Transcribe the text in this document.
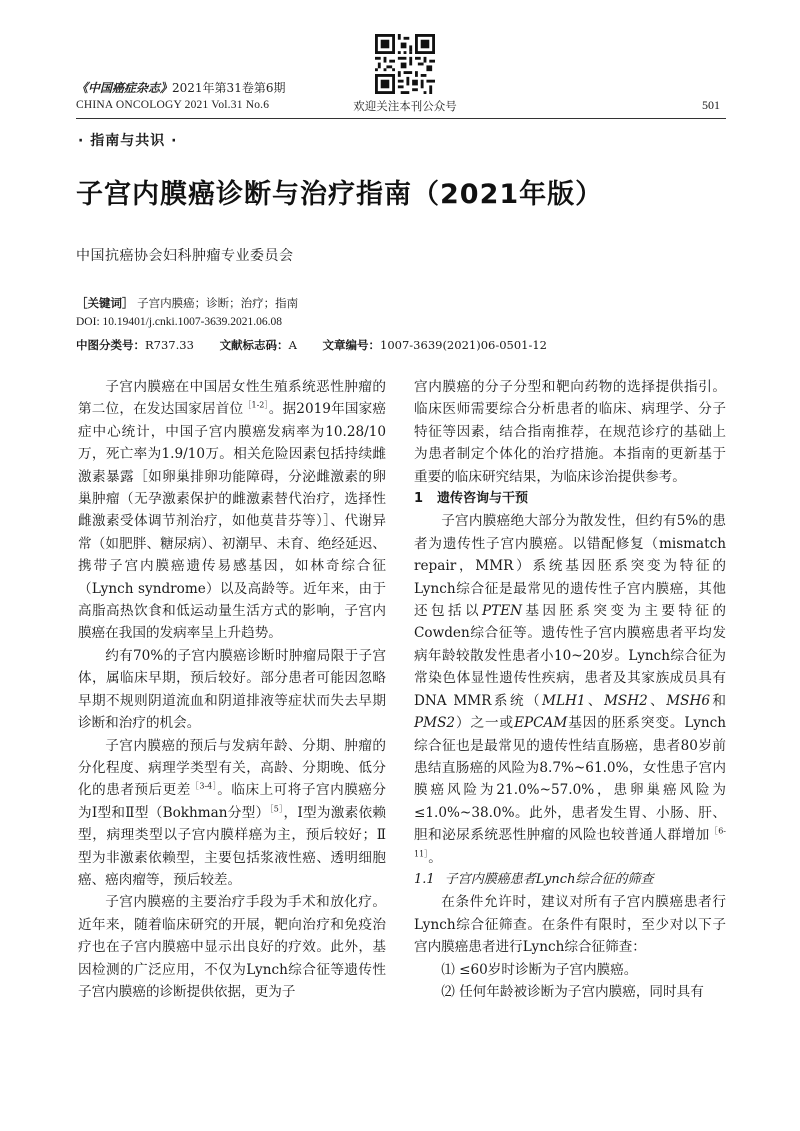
《中国癌症杂志》2021年第31卷第6期
CHINA ONCOLOGY 2021 Vol.31 No.6	欢迎关注本刊公众号	501
· 指南与共识 ·
子宫内膜癌诊断与治疗指南（2021年版）
中国抗癌协会妇科肿瘤专业委员会
［关键词］ 子宫内膜癌；诊断；治疗；指南
DOI: 10.19401/j.cnki.1007-3639.2021.06.08
中图分类号：R737.33 文献标志码：A 文章编号：1007-3639(2021)06-0501-12

子宫内膜癌在中国居女性生殖系统恶性肿瘤的第二位，在发达国家居首位$^{[1-2]}$。据2019年国家癌症中心统计，中国子宫内膜癌发病率为10.28/10万，死亡率为1.9/10万。相关危险因素包括持续雌激素暴露［如卵巢排卵功能障碍，分泌雌激素的卵巢肿瘤（无孕激素保护的雌激素替代治疗，选择性雌激素受体调节剂治疗，如他莫昔芬等）］、代谢异常（如肥胖、糖尿病）、初潮早、未育、绝经延迟、携带子宫内膜癌遗传易感基因，如林奇综合征（Lynch syndrome）以及高龄等。近年来，由于高脂高热饮食和低运动量生活方式的影响，子宫内膜癌在我国的发病率呈上升趋势。

约有70%的子宫内膜癌诊断时肿瘤局限于子宫体，属临床早期，预后较好。部分患者可能因忽略早期不规则阴道流血和阴道排液等症状而失去早期诊断和治疗的机会。

子宫内膜癌的预后与发病年龄、分期、肿瘤的分化程度、病理学类型有关，高龄、分期晚、低分化的患者预后更差$^{[3-4]}$。临床上可将子宫内膜癌分为Ⅰ型和Ⅱ型（Bokhman分型）$^{[5]}$，Ⅰ型为激素依赖型，病理类型以子宫内膜样癌为主，预后较好；Ⅱ型为非激素依赖型，主要包括浆液性癌、透明细胞癌、癌肉瘤等，预后较差。

子宫内膜癌的主要治疗手段为手术和放化疗。近年来，随着临床研究的开展，靶向治疗和免疫治疗也在子宫内膜癌中显示出良好的疗效。此外，基因检测的广泛应用，不仅为Lynch综合征等遗传性子宫内膜癌的诊断提供依据，更为子

宫内膜癌的分子分型和靶向药物的选择提供指引。临床医师需要综合分析患者的临床、病理学、分子特征等因素，结合指南推荐，在规范诊疗的基础上为患者制定个体化的治疗措施。本指南的更新基于重要的临床研究结果，为临床诊治提供参考。

1 遗传咨询与干预

子宫内膜癌绝大部分为散发性，但约有5%的患者为遗传性子宫内膜癌。以错配修复（mismatch repair，MMR）系统基因胚系突变为特征的Lynch综合征是最常见的遗传性子宫内膜癌，其他还包括以PTEN基因胚系突变为主要特征的Cowden综合征等。遗传性子宫内膜癌患者平均发病年龄较散发性患者小10~20岁。Lynch综合征为常染色体显性遗传性疾病，患者及其家族成员具有DNA MMR系统（MLH1、MSH2、MSH6和PMS2）之一或EPCAM基因的胚系突变。Lynch综合征也是最常见的遗传性结直肠癌，患者80岁前患结直肠癌的风险为8.7%~61.0%，女性患子宫内膜癌风险为21.0%~57.0%，患卵巢癌风险为≤1.0%~38.0%。此外，患者发生胃、小肠、肝、胆和泌尿系统恶性肿瘤的风险也较普通人群增加$^{[6-11]}$。

1.1 子宫内膜癌患者Lynch综合征的筛查

在条件允许时，建议对所有子宫内膜癌患者行Lynch综合征筛查。在条件有限时，至少对以下子宫内膜癌患者进行Lynch综合征筛查：

⑴ ≤60岁时诊断为子宫内膜癌。

⑵ 任何年龄被诊断为子宫内膜癌，同时具有
